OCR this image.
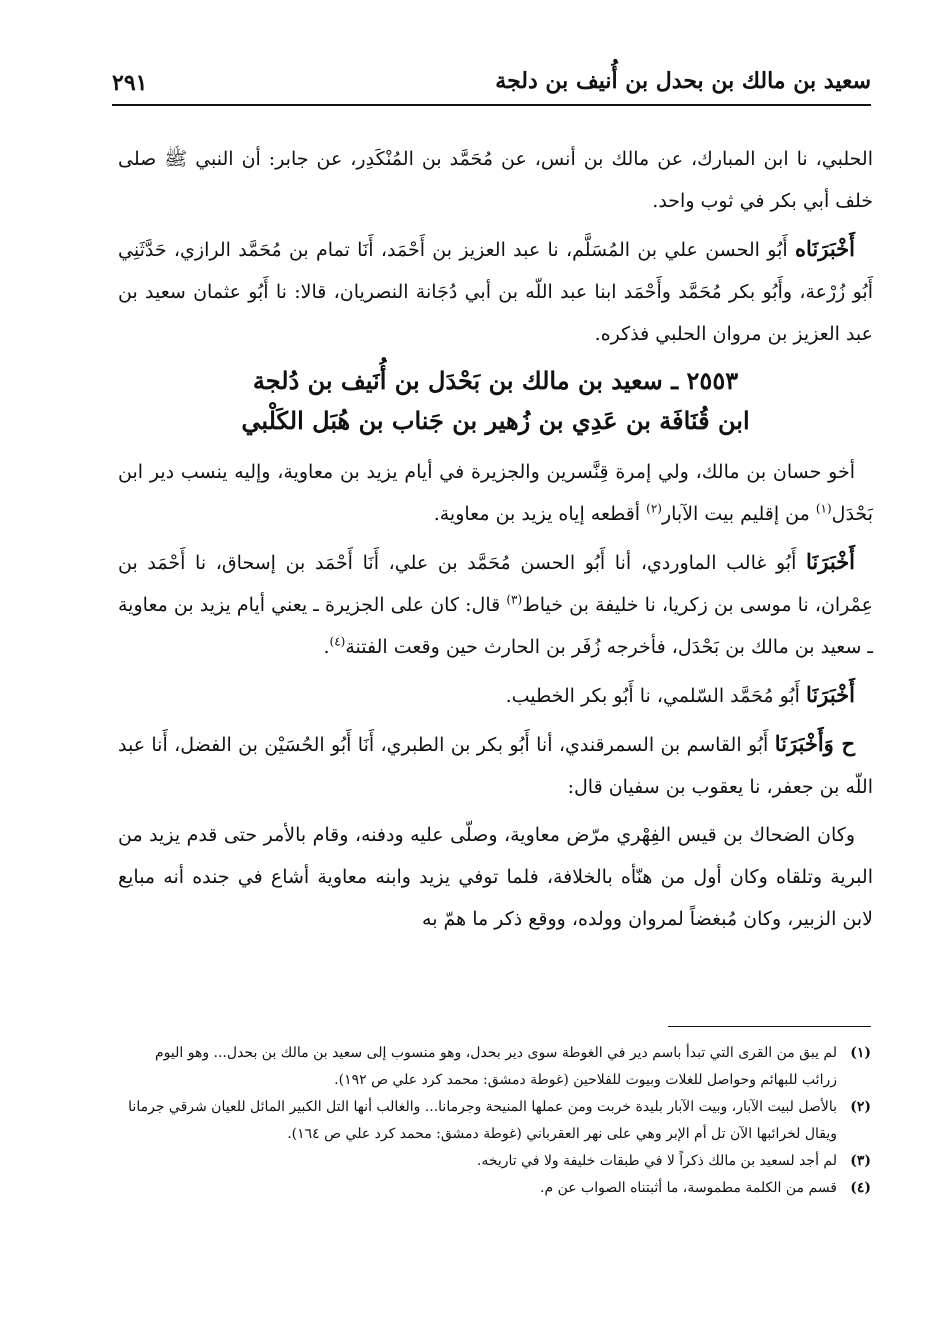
سعيد بن مالك بن بحدل بن أُنيف بن دلجة
٢٩١

الحلبي، نا ابن المبارك، عن مالك بن أنس، عن مُحَمَّد بن المُنْكَدِر، عن جابر: أن النبي ﷺ صلى خلف أبي بكر في ثوب واحد.

أَخْبَرَنَاه أَبُو الحسن علي بن المُسَلَّم، نا عبد العزيز بن أَحْمَد، أَنَا تمام بن مُحَمَّد الرازي، حَدَّثَنِي أَبُو زُرْعة، وأَبُو بكر مُحَمَّد وأَحْمَد ابنا عبد اللّه بن أبي دُجَانة النصريان، قالا: نا أَبُو عثمان سعيد بن عبد العزيز بن مروان الحلبي فذكره.

٢٥٥٣ ـ سعيد بن مالك بن بَحْدَل بن أُنَيف بن دُلجة
ابن قُنَافَة بن عَدِي بن زُهير بن جَناب بن هُبَل الكَلْبي

أخو حسان بن مالك، ولي إمرة قِنَّسرين والجزيرة في أيام يزيد بن معاوية، وإليه ينسب دير ابن بَحْدَل$^{(١)}$ من إقليم بيت الآبار$^{(٢)}$ أقطعه إياه يزيد بن معاوية.

أَخْبَرَنَا أَبُو غالب الماوردي، أنا أَبُو الحسن مُحَمَّد بن علي، أَنَا أَحْمَد بن إسحاق، نا أَحْمَد بن عِمْران، نا موسى بن زكريا، نا خليفة بن خياط$^{(٣)}$ قال: كان على الجزيرة ـ يعني أيام يزيد بن معاوية ـ سعيد بن مالك بن بَحْدَل، فأخرجه زُفَر بن الحارث حين وقعت الفتنة$^{(٤)}$.

أَخْبَرَنَا أَبُو مُحَمَّد السّلمي، نا أَبُو بكر الخطيب.

ح وَأَخْبَرَنَا أَبُو القاسم بن السمرقندي، أنا أَبُو بكر بن الطبري، أَنَا أَبُو الحُسَيْن بن الفضل، أَنا عبد اللّه بن جعفر، نا يعقوب بن سفيان قال:

وكان الضحاك بن قيس الفِهْري مرّض معاوية، وصلّى عليه ودفنه، وقام بالأمر حتى قدم يزيد من البرية وتلقاه وكان أول من هنّأه بالخلافة، فلما توفي يزيد وابنه معاوية أشاع في جنده أنه مبايع لابن الزبير، وكان مُبغضاً لمروان وولده، ووقع ذكر ما همّ به

(١)
لم يبق من القرى التي تبدأ باسم دير في الغوطة سوى دير بحدل، وهو منسوب إلى سعيد بن مالك بن بحدل... وهو اليوم زرائب للبهائم وحواصل للغلات وبيوت للفلاحين (غوطة دمشق: محمد كرد علي ص ١٩٢).
(٢)
بالأصل لبيت الآبار، وبيت الآبار بليدة خربت ومن عملها المنيحة وجرمانا... والغالب أنها التل الكبير المائل للعيان شرقي جرمانا ويقال لخرائبها الآن تل أم الإبر وهي على نهر العقرباني (غوطة دمشق: محمد كرد علي ص ١٦٤).
(٣)
لم أجد لسعيد بن مالك ذكراً لا في طبقات خليفة ولا في تاريخه.
(٤)
قسم من الكلمة مطموسة، ما أثبتناه الصواب عن م.
